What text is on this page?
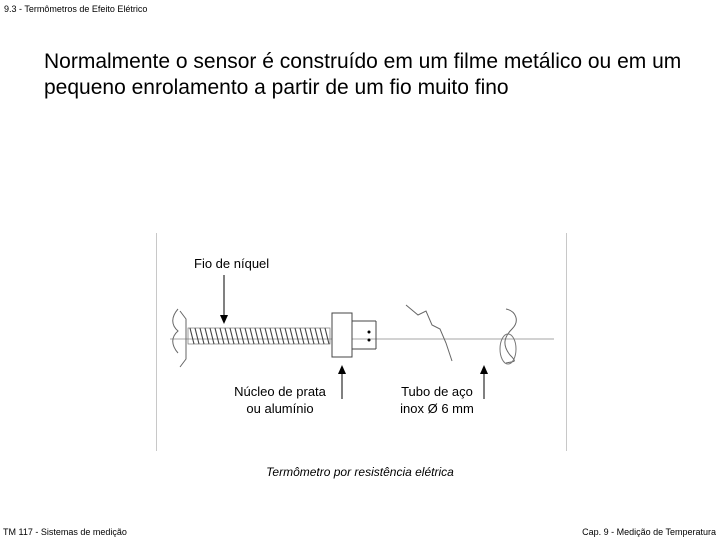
9.3 - Termômetros de Efeito Elétrico
Normalmente o sensor é construído em um filme metálico ou em um pequeno enrolamento a partir de um fio muito fino
Fio de níquel
Núcleo de prata
ou alumínio
Tubo de aço
inox Ø 6 mm
Termômetro por resistência elétrica
TM 117 - Sistemas de medição	Cap. 9 - Medição de Temperatura
